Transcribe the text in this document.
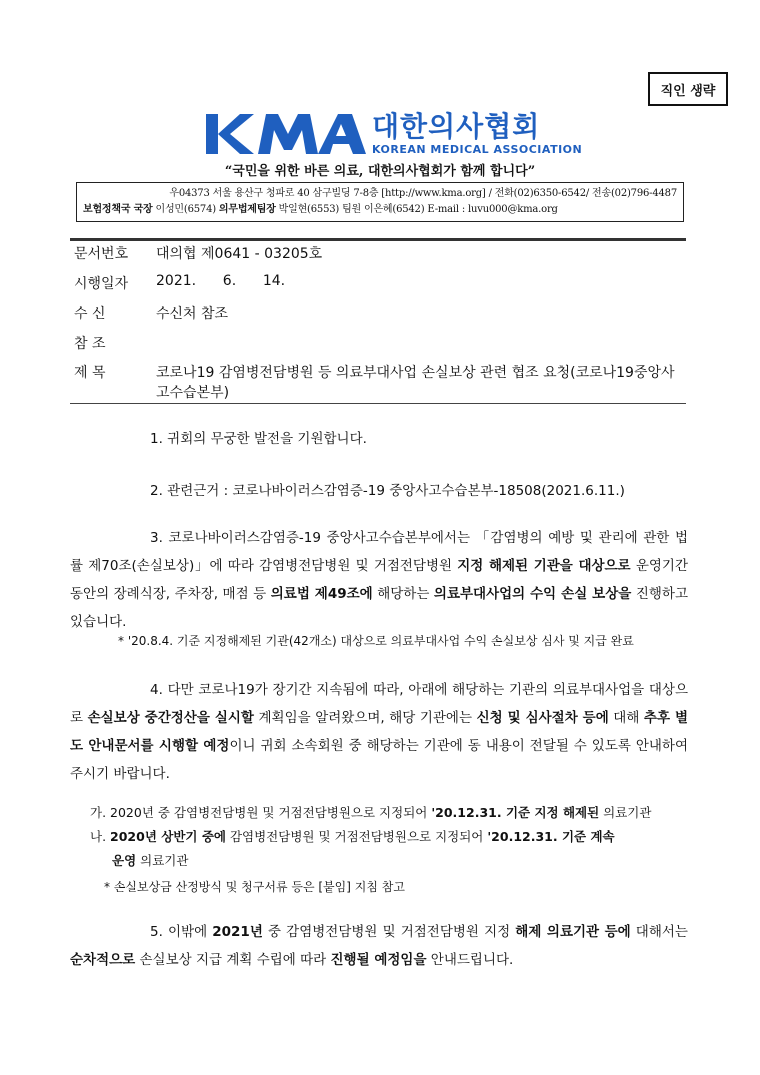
직인 생략
대한의사협회
KOREAN MEDICAL ASSOCIATION
“국민을 위한 바른 의료, 대한의사협회가 함께 합니다”
우04373 서울 용산구 청파로 40 삼구빌딩 7-8층 [http://www.kma.org] / 전화(02)6350-6542/ 전송(02)796-4487
보험정책국 국장 이성민(6574) 의무법제팀장 박일현(6553) 팀원 이은혜(6542) E-mail : luvu000@kma.org
문서번호	대의협 제0641 - 03205호
시행일자	2021.      6.      14.
수 신	수신처 참조
참 조
제 목	코로나19 감염병전담병원 등 의료부대사업 손실보상 관련 협조 요청(코로나19중앙사고수습본부)
1. 귀회의 무궁한 발전을 기원합니다.
2. 관련근거 : 코로나바이러스감염증-19 중앙사고수습본부-18508(2021.6.11.)
3. 코로나바이러스감염증-19 중앙사고수습본부에서는 「감염병의 예방 및 관리에 관한 법률 제70조(손실보상)」에 따라 감염병전담병원 및 거점전담병원 지정 해제된 기관을 대상으로 운영기간 동안의 장례식장, 주차장, 매점 등 의료법 제49조에 해당하는 의료부대사업의 수익 손실 보상을 진행하고 있습니다.
* '20.8.4. 기준 지정해제된 기관(42개소) 대상으로 의료부대사업 수익 손실보상 심사 및 지급 완료
4. 다만 코로나19가 장기간 지속됨에 따라, 아래에 해당하는 기관의 의료부대사업을 대상으로 손실보상 중간정산을 실시할 계획임을 알려왔으며, 해당 기관에는 신청 및 심사절차 등에 대해 추후 별도 안내문서를 시행할 예정이니 귀회 소속회원 중 해당하는 기관에 동 내용이 전달될 수 있도록 안내하여 주시기 바랍니다.
가. 2020년 중 감염병전담병원 및 거점전담병원으로 지정되어 '20.12.31. 기준 지정 해제된 의료기관
나. 2020년 상반기 중에 감염병전담병원 및 거점전담병원으로 지정되어 '20.12.31. 기준 계속
운영 의료기관
* 손실보상금 산정방식 및 청구서류 등은 [붙임] 지침 참고
5. 이밖에 2021년 중 감염병전담병원 및 거점전담병원 지정 해제 의료기관 등에 대해서는 순차적으로 손실보상 지급 계획 수립에 따라 진행될 예정임을 안내드립니다.
